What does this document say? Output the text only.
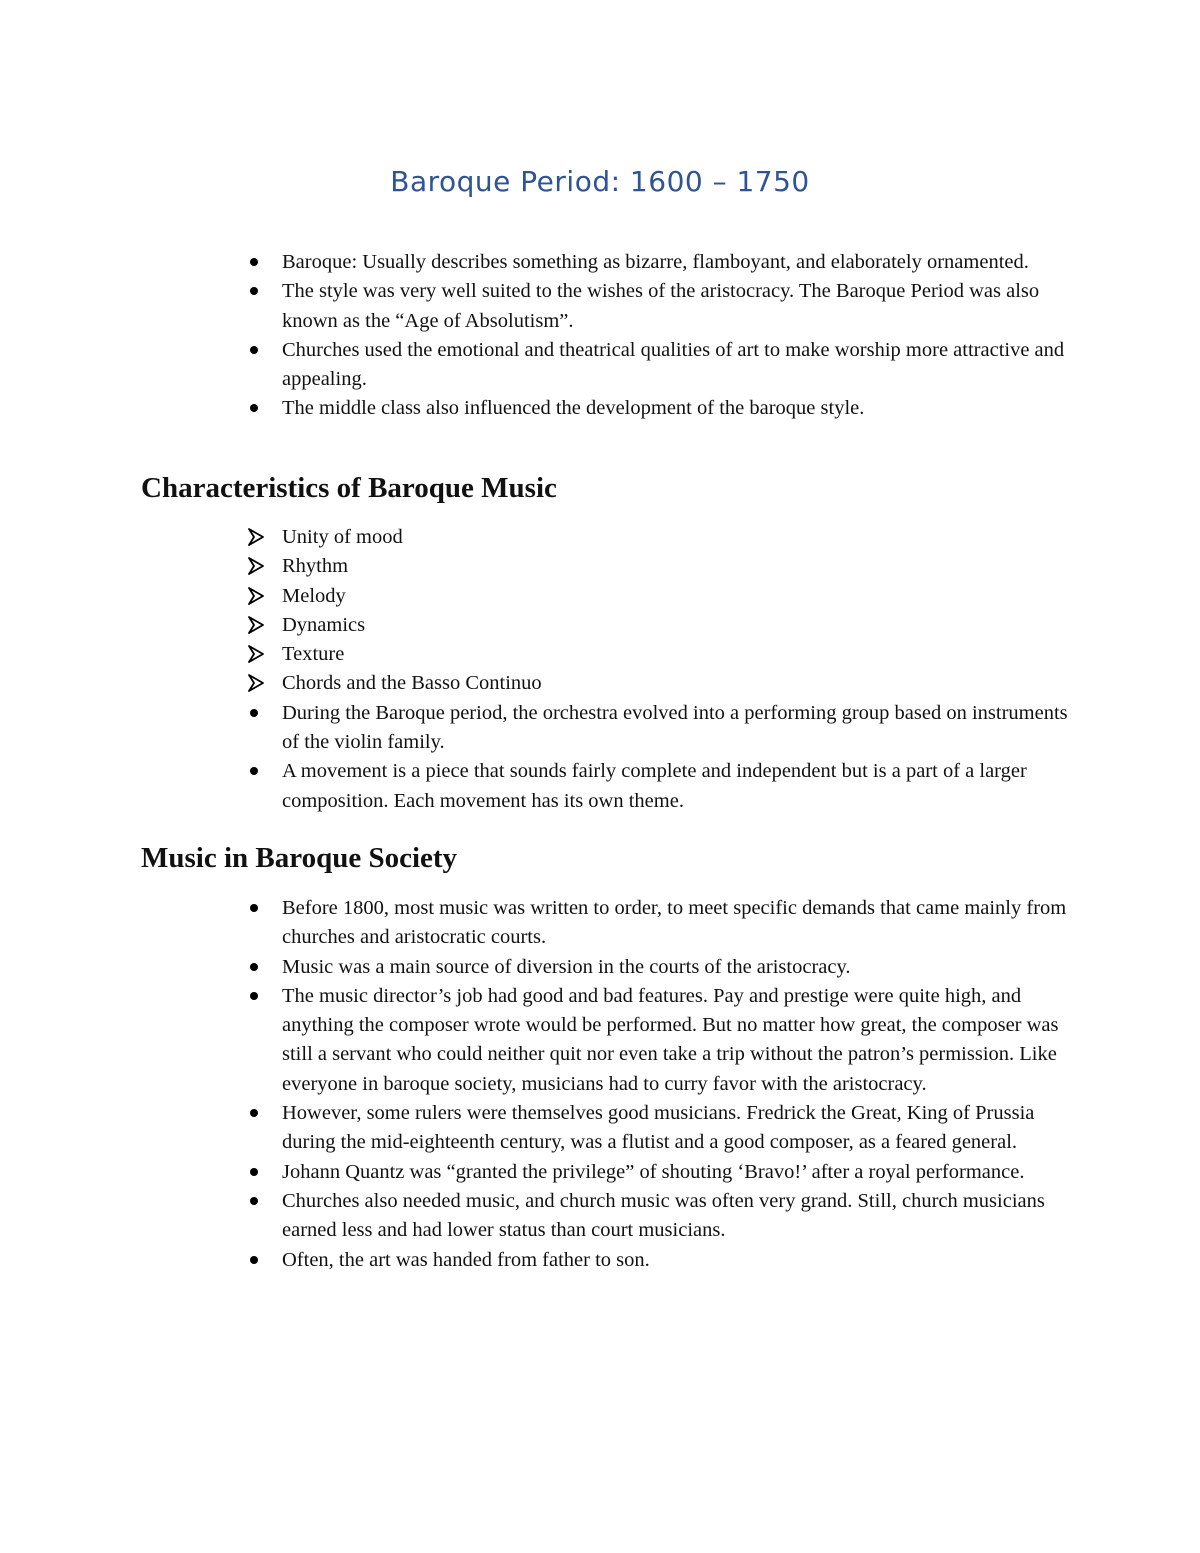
Baroque Period: 1600 – 1750
Baroque: Usually describes something as bizarre, flamboyant, and elaborately ornamented.
The style was very well suited to the wishes of the aristocracy. The Baroque Period was also known as the “Age of Absolutism”.
Churches used the emotional and theatrical qualities of art to make worship more attractive and appealing.
The middle class also influenced the development of the baroque style.
Characteristics of Baroque Music
Unity of mood
Rhythm
Melody
Dynamics
Texture
Chords and the Basso Continuo
During the Baroque period, the orchestra evolved into a performing group based on instruments of the violin family.
A movement is a piece that sounds fairly complete and independent but is a part of a larger composition. Each movement has its own theme.
Music in Baroque Society
Before 1800, most music was written to order, to meet specific demands that came mainly from churches and aristocratic courts.
Music was a main source of diversion in the courts of the aristocracy.
The music director’s job had good and bad features. Pay and prestige were quite high, and anything the composer wrote would be performed. But no matter how great, the composer was still a servant who could neither quit nor even take a trip without the patron’s permission. Like everyone in baroque society, musicians had to curry favor with the aristocracy.
However, some rulers were themselves good musicians. Fredrick the Great, King of Prussia during the mid-eighteenth century, was a flutist and a good composer, as a feared general.
Johann Quantz was “granted the privilege” of shouting ‘Bravo!’ after a royal performance.
Churches also needed music, and church music was often very grand. Still, church musicians earned less and had lower status than court musicians.
Often, the art was handed from father to son.
